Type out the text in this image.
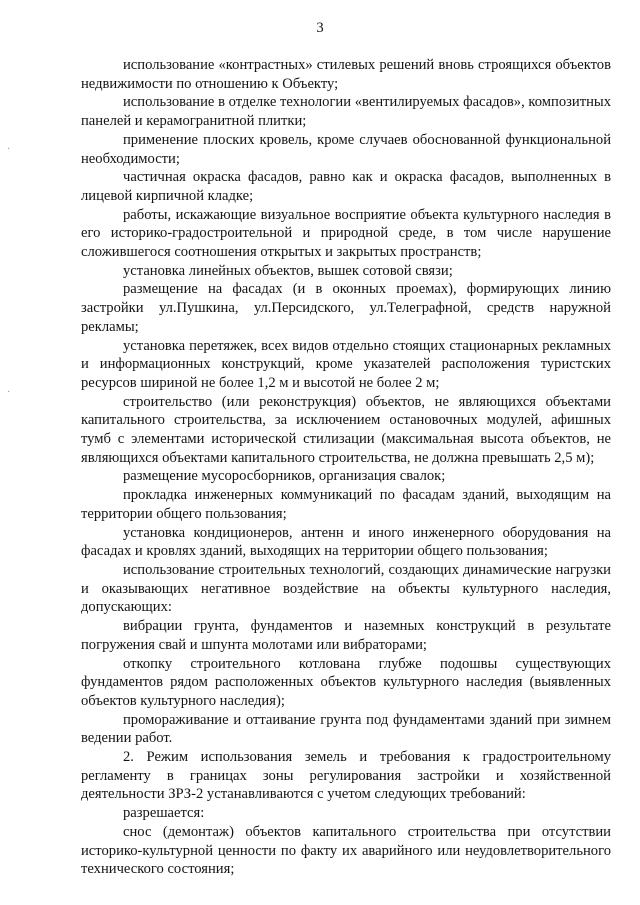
3
·
·

использование «контрастных» стилевых решений вновь строящихся объектов недвижимости по отношению к Объекту;

использование в отделке технологии «вентилируемых фасадов», композитных панелей и керамогранитной плитки;

применение плоских кровель, кроме случаев обоснованной функциональной необходимости;

частичная окраска фасадов, равно как и окраска фасадов, выполненных в лицевой кирпичной кладке;

работы, искажающие визуальное восприятие объекта культурного наследия в его историко-градостроительной и природной среде, в том числе нарушение сложившегося соотношения открытых и закрытых пространств;

установка линейных объектов, вышек сотовой связи;

размещение на фасадах (и в оконных проемах), формирующих линию застройки ул.Пушкина, ул.Персидского, ул.Телеграфной, средств наружной рекламы;

установка перетяжек, всех видов отдельно стоящих стационарных рекламных и информационных конструкций, кроме указателей расположения туристских ресурсов шириной не более 1,2 м и высотой не более 2 м;

строительство (или реконструкция) объектов, не являющихся объектами капитального строительства, за исключением остановочных модулей, афишных тумб с элементами исторической стилизации (максимальная высота объектов, не являющихся объектами капитального строительства, не должна превышать 2,5 м);

размещение мусоросборников, организация свалок;

прокладка инженерных коммуникаций по фасадам зданий, выходящим на территории общего пользования;

установка кондиционеров, антенн и иного инженерного оборудования на фасадах и кровлях зданий, выходящих на территории общего пользования;

использование строительных технологий, создающих динамические нагрузки и оказывающих негативное воздействие на объекты культурного наследия, допускающих:

вибрации грунта, фундаментов и наземных конструкций в результате погружения свай и шпунта молотами или вибраторами;

откопку строительного котлована глубже подошвы существующих фундаментов рядом расположенных объектов культурного наследия (выявленных объектов культурного наследия);

промораживание и оттаивание грунта под фундаментами зданий при зимнем ведении работ.

2. Режим использования земель и требования к градостроительному регламенту в границах зоны регулирования застройки и хозяйственной деятельности ЗРЗ-2 устанавливаются с учетом следующих требований:

разрешается:

снос (демонтаж) объектов капитального строительства при отсутствии историко-культурной ценности по факту их аварийного или неудовлетворительного технического состояния;
